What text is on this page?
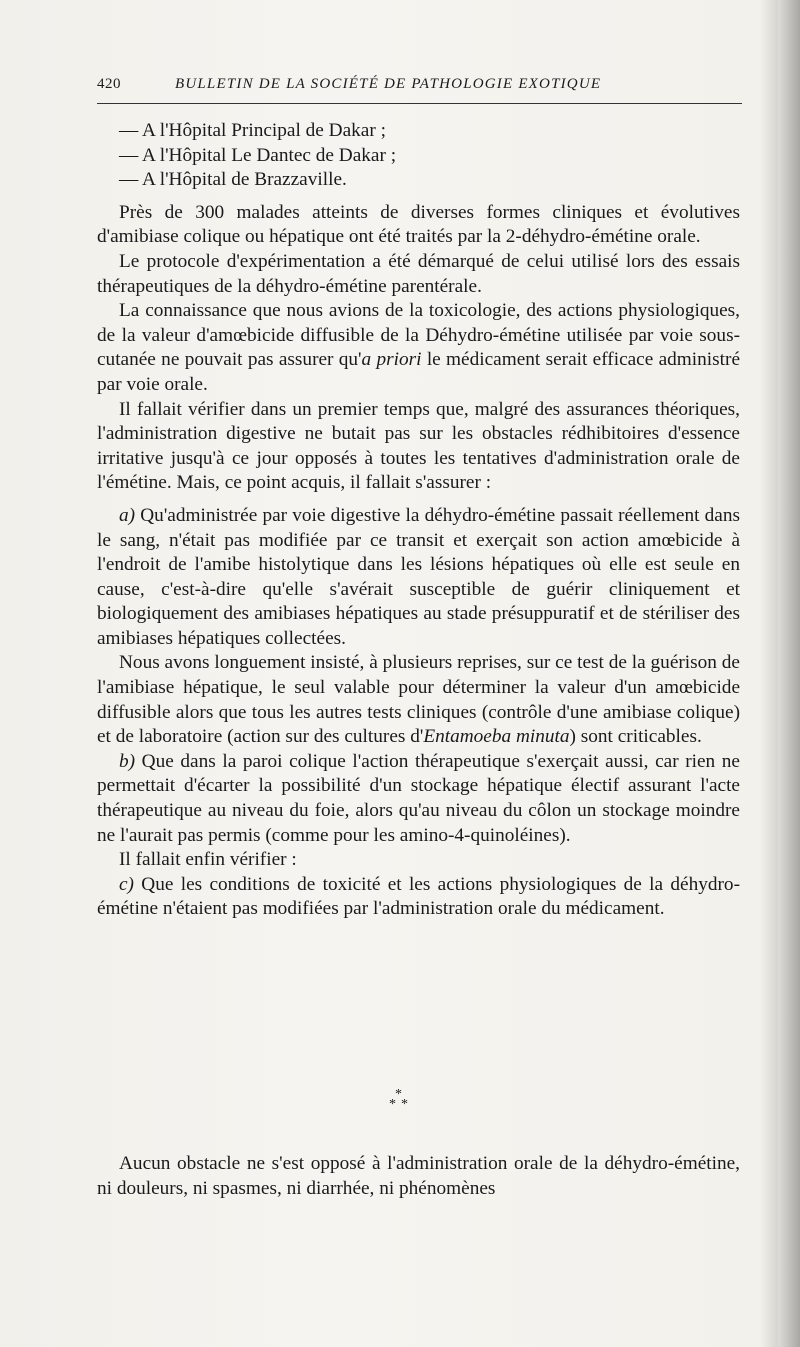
420	BULLETIN DE LA SOCIÉTÉ DE PATHOLOGIE EXOTIQUE

— A l'Hôpital Principal de Dakar ;

— A l'Hôpital Le Dantec de Dakar ;

— A l'Hôpital de Brazzaville.

Près de 300 malades atteints de diverses formes cliniques et évolutives d'amibiase colique ou hépatique ont été traités par la 2-déhydro-émétine orale.

Le protocole d'expérimentation a été démarqué de celui utilisé lors des essais thérapeutiques de la déhydro-émétine parentérale.

La connaissance que nous avions de la toxicologie, des actions physiologiques, de la valeur d'amœbicide diffusible de la Déhydro-émétine utilisée par voie sous-cutanée ne pouvait pas assurer qu'a priori le médicament serait efficace administré par voie orale.

Il fallait vérifier dans un premier temps que, malgré des assurances théoriques, l'administration digestive ne butait pas sur les obstacles rédhibitoires d'essence irritative jusqu'à ce jour opposés à toutes les tentatives d'administration orale de l'émétine. Mais, ce point acquis, il fallait s'assurer :

a) Qu'administrée par voie digestive la déhydro-émétine passait réellement dans le sang, n'était pas modifiée par ce transit et exerçait son action amœbicide à l'endroit de l'amibe histolytique dans les lésions hépatiques où elle est seule en cause, c'est-à-dire qu'elle s'avérait susceptible de guérir cliniquement et biologiquement des amibiases hépatiques au stade présuppuratif et de stériliser des amibiases hépatiques collectées.

Nous avons longuement insisté, à plusieurs reprises, sur ce test de la guérison de l'amibiase hépatique, le seul valable pour déterminer la valeur d'un amœbicide diffusible alors que tous les autres tests cliniques (contrôle d'une amibiase colique) et de laboratoire (action sur des cultures d'Entamoeba minuta) sont criticables.

b) Que dans la paroi colique l'action thérapeutique s'exerçait aussi, car rien ne permettait d'écarter la possibilité d'un stockage hépatique électif assurant l'acte thérapeutique au niveau du foie, alors qu'au niveau du côlon un stockage moindre ne l'aurait pas permis (comme pour les amino-4-quinoléines).

Il fallait enfin vérifier :

c) Que les conditions de toxicité et les actions physiologiques de la déhydro-émétine n'étaient pas modifiées par l'administration orale du médicament.

*
* *

Aucun obstacle ne s'est opposé à l'administration orale de la déhydro-émétine, ni douleurs, ni spasmes, ni diarrhée, ni phénomènes
